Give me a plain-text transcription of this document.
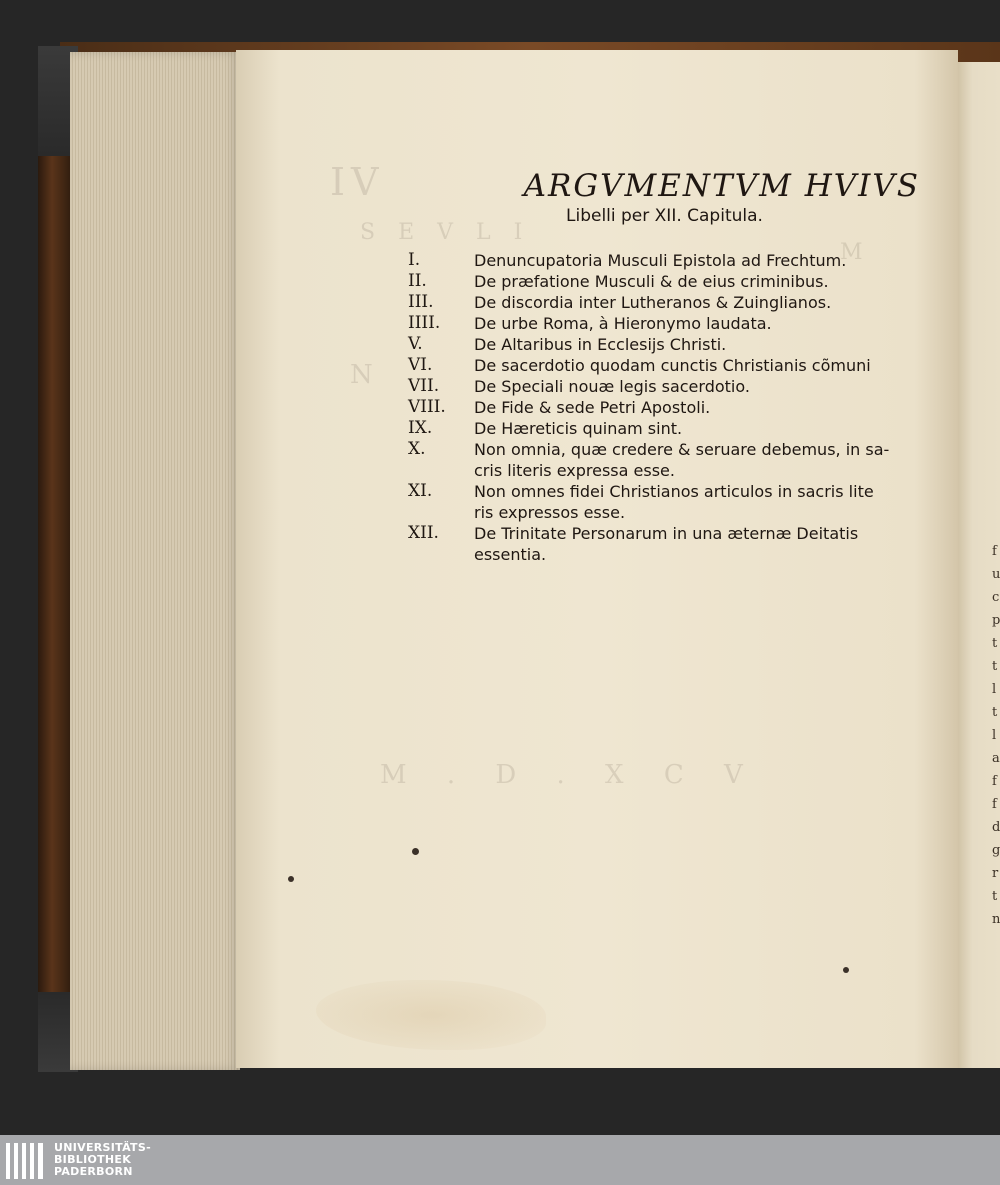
ARGVMENTVM HVIVS
Libelli per XII. Capitula.
I.	Denuncupatoria Musculi Epistola ad Frechtum.
II.	De præfatione Musculi & de eius criminibus.
III.	De discordia inter Lutheranos & Zuinglianos.
IIII.	De urbe Roma, à Hieronymo laudata.
V.	De Altaribus in Ecclesijs Christi.
VI.	De sacerdotio quodam cunctis Christianis cõmuni
VII.	De Speciali nouæ legis sacerdotio.
VIII.	De Fide & sede Petri Apostoli.
IX.	De Hæreticis quinam sint.
X.	Non omnia, quæ credere & seruare debemus, in sa-
cris literis expressa esse.
XI.	Non omnes fidei Christianos articulos in sacris lite
ris expressos esse.
XII.	De Trinitate Personarum in una æternæ Deitatis
essentia.	f
u
c
p
t
t
l
t
l
a
f
f
d
g
r
t
n
UNIVERSITÄTS-
BIBLIOTHEK
PADERBORN
